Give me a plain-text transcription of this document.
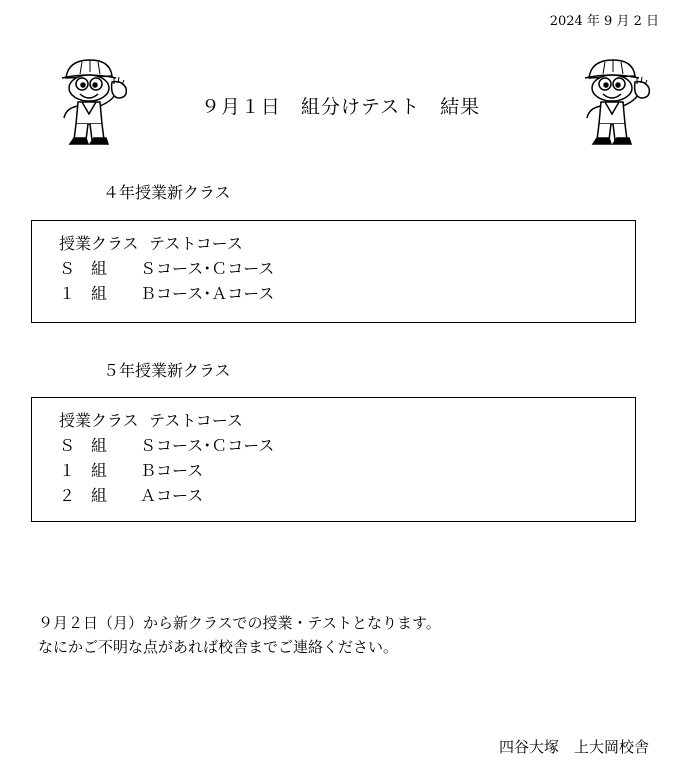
2024 年 9 月 2 日
９月１日　組分けテスト　結果
４年授業新クラス
授業クラス テストコース
Ｓ　組	Ｓコース･Ｃコース
１　組	Ｂコース･Ａコース
５年授業新クラス
授業クラス テストコース
Ｓ　組	Ｓコース･Ｃコース
１　組	Ｂコース
２　組	Ａコース
９月２日（月）から新クラスでの授業・テストとなります。
なにかご不明な点があれば校舎までご連絡ください。
四谷大塚　上大岡校舎
